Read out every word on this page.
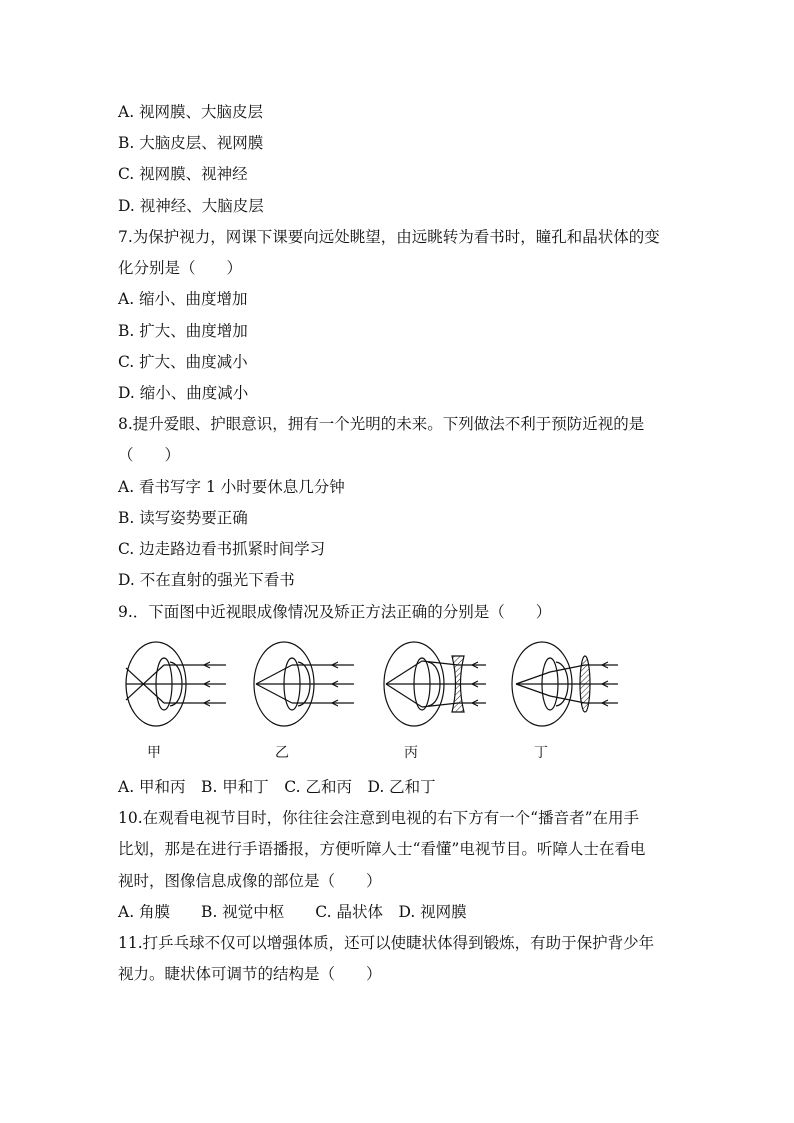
A. 视网膜、大脑皮层
B. 大脑皮层、视网膜
C. 视网膜、视神经
D. 视神经、大脑皮层
7.为保护视力，网课下课要向远处眺望，由远眺转为看书时，瞳孔和晶状体的变
化分别是（　　）
A. 缩小、曲度增加
B. 扩大、曲度增加
C. 扩大、曲度减小
D. 缩小、曲度减小
8.提升爱眼、护眼意识，拥有一个光明的未来。下列做法不利于预防近视的是
（　　）
A. 看书写字 1 小时要休息几分钟
B. 读写姿势要正确
C. 边走路边看书抓紧时间学习
D. 不在直射的强光下看书
9.．下面图中近视眼成像情况及矫正方法正确的分别是（　　）
甲	乙	丙	丁
A. 甲和丙　B. 甲和丁　C. 乙和丙　D. 乙和丁
10.在观看电视节目时，你往往会注意到电视的右下方有一个“播音者”在用手
比划，那是在进行手语播报，方便听障人士“看懂”电视节目。听障人士在看电
视时，图像信息成像的部位是（　　）
A. 角膜　　B. 视觉中枢　　C. 晶状体　D. 视网膜
11.打乒乓球不仅可以增强体质，还可以使睫状体得到锻炼，有助于保护背少年
视力。睫状体可调节的结构是（　　）
